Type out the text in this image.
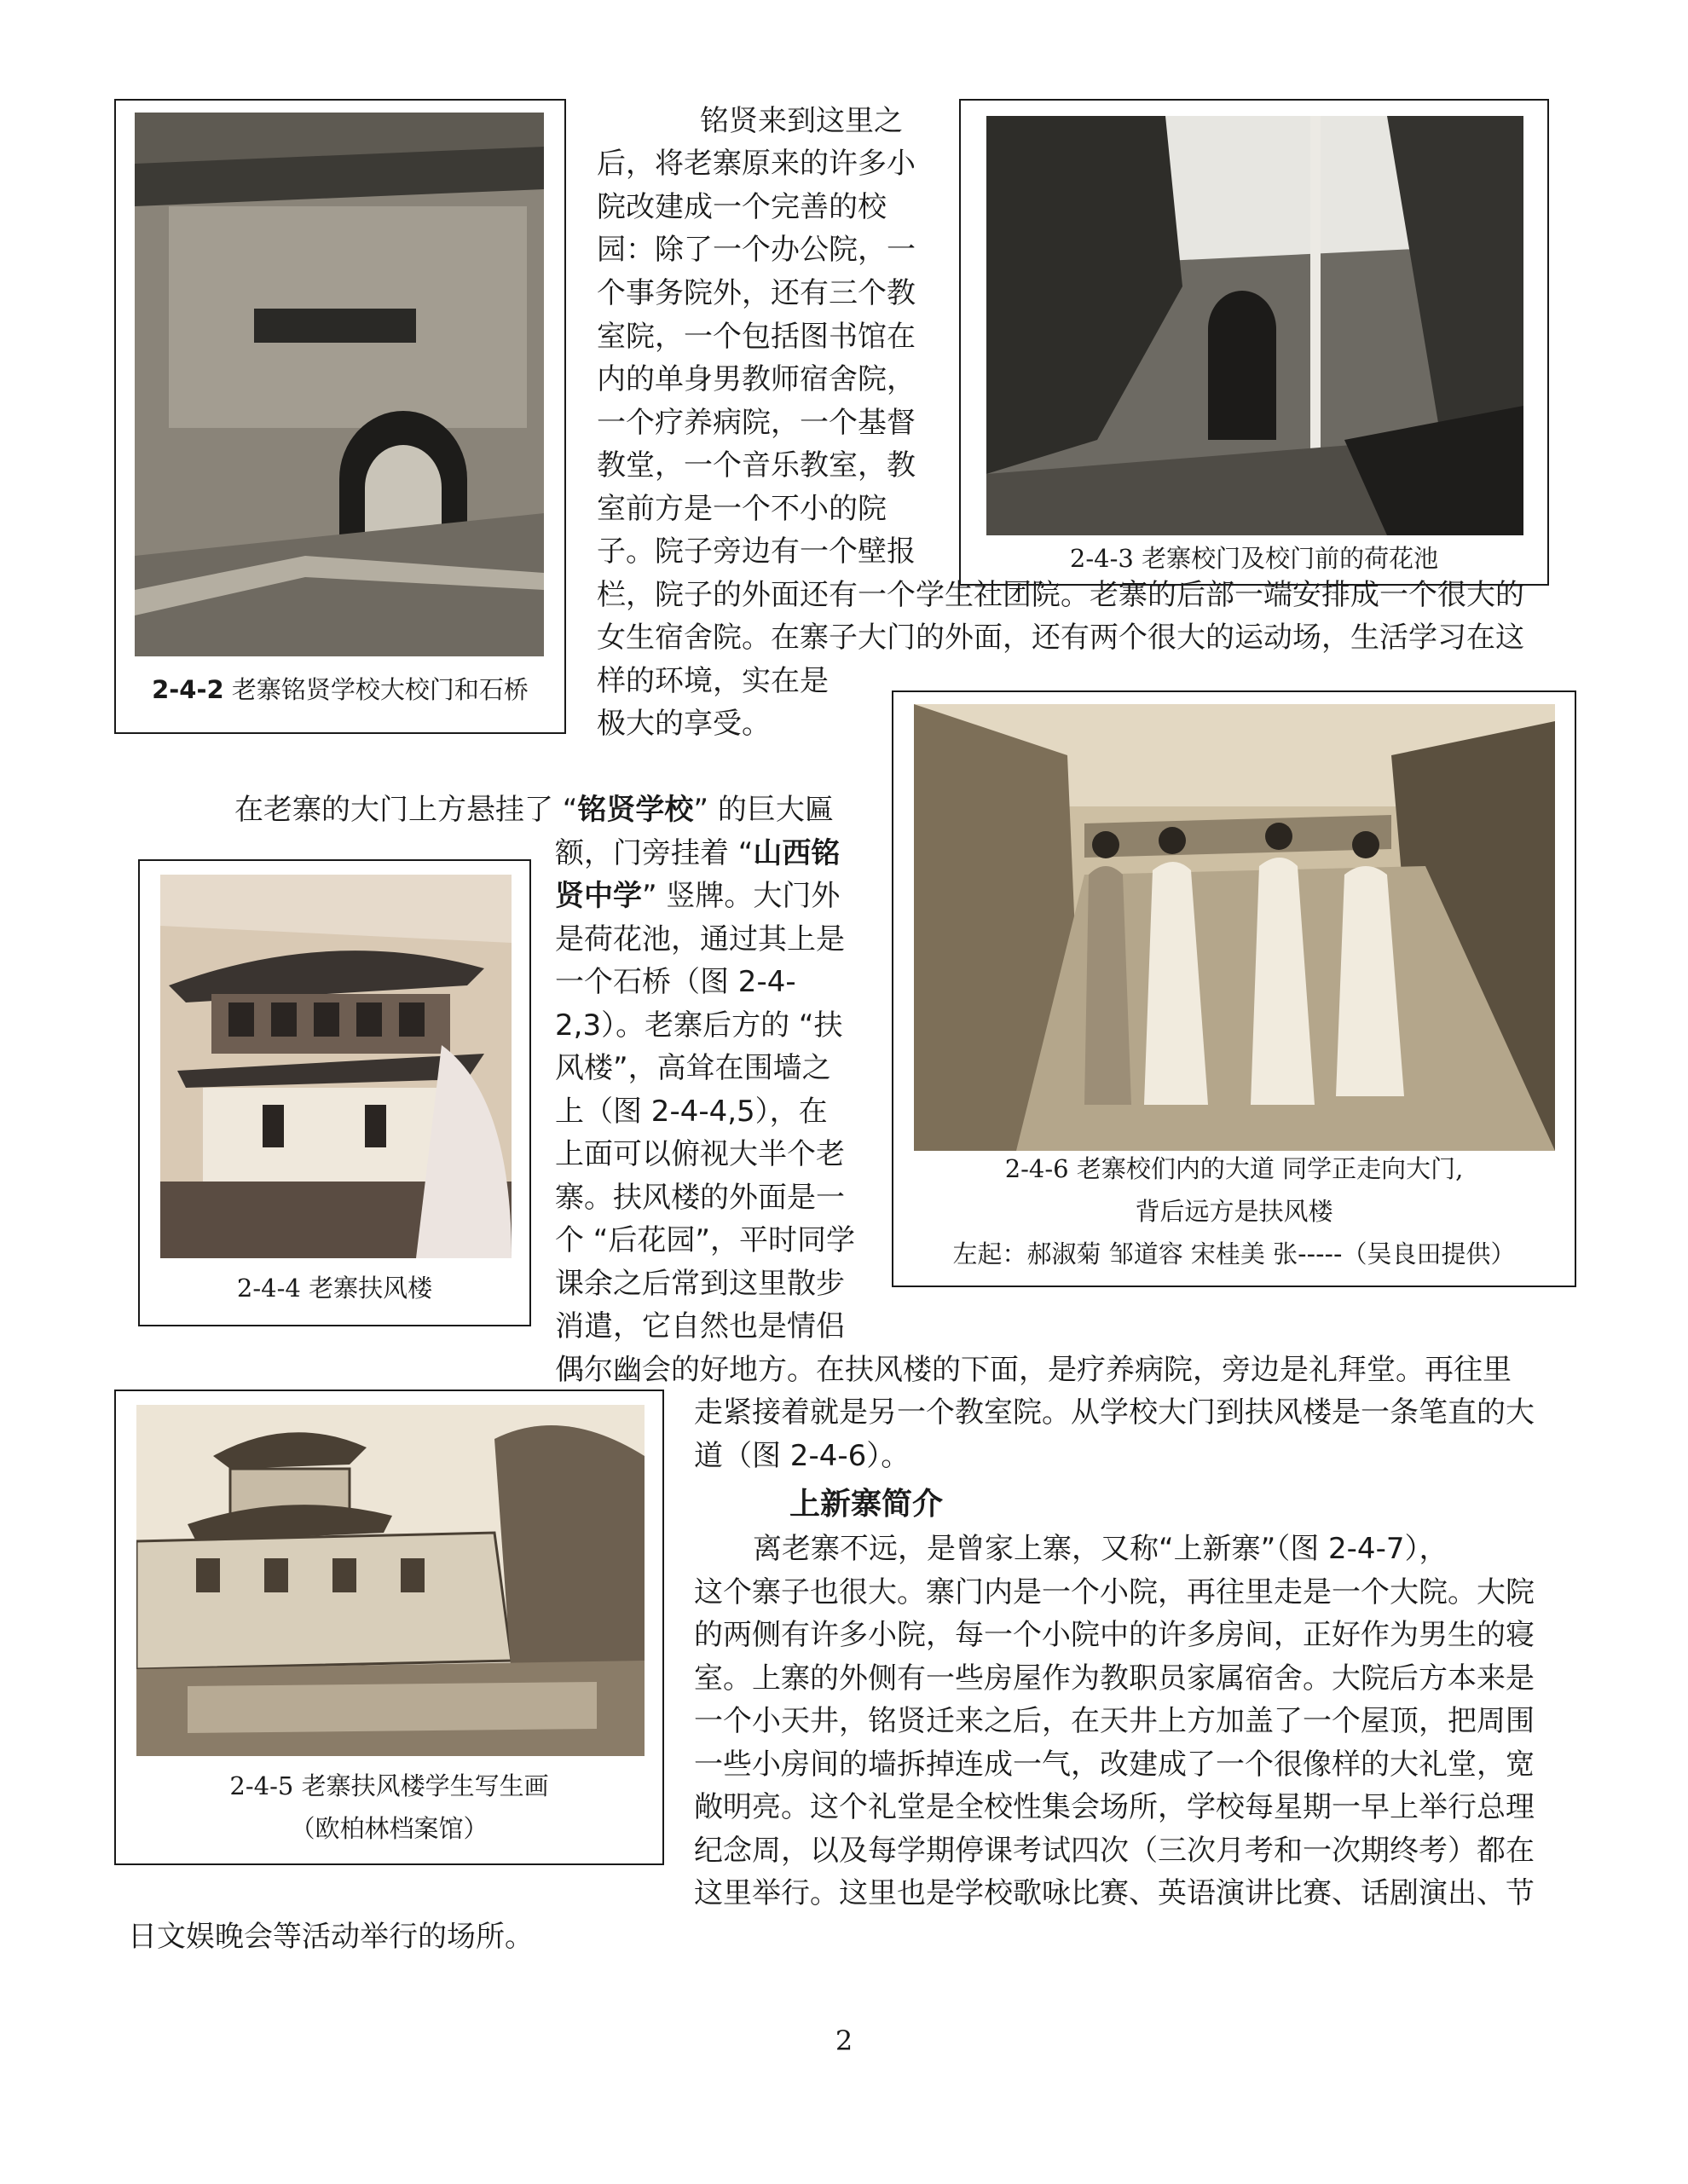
2-4-2 老寨铭贤学校大校门和石桥
2-4-3 老寨校门及校门前的荷花池
铭贤来到这里之
后，将老寨原来的许多小
院改建成一个完善的校
园：除了一个办公院，一
个事务院外，还有三个教
室院，一个包括图书馆在
内的单身男教师宿舍院，
一个疗养病院，一个基督
教堂，一个音乐教室，教
室前方是一个不小的院
子。院子旁边有一个壁报
栏，院子的外面还有一个学生社团院。老寨的后部一端安排成一个很大的
女生宿舍院。在寨子大门的外面，还有两个很大的运动场，生活学习在这
样的环境，实在是
极大的享受。
2-4-6 老寨校们内的大道 同学正走向大门,
背后远方是扶风楼
左起：郝淑菊 邹道容 宋桂美 张-----（吴良田提供）
在老寨的大门上方悬挂了 “铭贤学校” 的巨大匾
额，门旁挂着 “山西铭
贤中学” 竖牌。大门外
是荷花池，通过其上是
一个石桥（图 2-4-
2,3）。老寨后方的 “扶
风楼”，高耸在围墙之
上（图 2-4-4,5），在
上面可以俯视大半个老
寨。扶风楼的外面是一
个 “后花园”，平时同学
课余之后常到这里散步
消遣，它自然也是情侣
偶尔幽会的好地方。在扶风楼的下面，是疗养病院，旁边是礼拜堂。再往里
走紧接着就是另一个教室院。从学校大门到扶风楼是一条笔直的大
道（图 2-4-6）。
2-4-4 老寨扶风楼
2-4-5 老寨扶风楼学生写生画
（欧柏林档案馆）
上新寨简介
离老寨不远，是曾家上寨，又称“上新寨”（图 2-4-7），
这个寨子也很大。寨门内是一个小院，再往里走是一个大院。大院
的两侧有许多小院，每一个小院中的许多房间，正好作为男生的寝
室。上寨的外侧有一些房屋作为教职员家属宿舍。大院后方本来是
一个小天井，铭贤迁来之后，在天井上方加盖了一个屋顶，把周围
一些小房间的墙拆掉连成一气，改建成了一个很像样的大礼堂，宽
敞明亮。这个礼堂是全校性集会场所，学校每星期一早上举行总理
纪念周，以及每学期停课考试四次（三次月考和一次期终考）都在
这里举行。这里也是学校歌咏比赛、英语演讲比赛、话剧演出、节
日文娱晚会等活动举行的场所。
2
